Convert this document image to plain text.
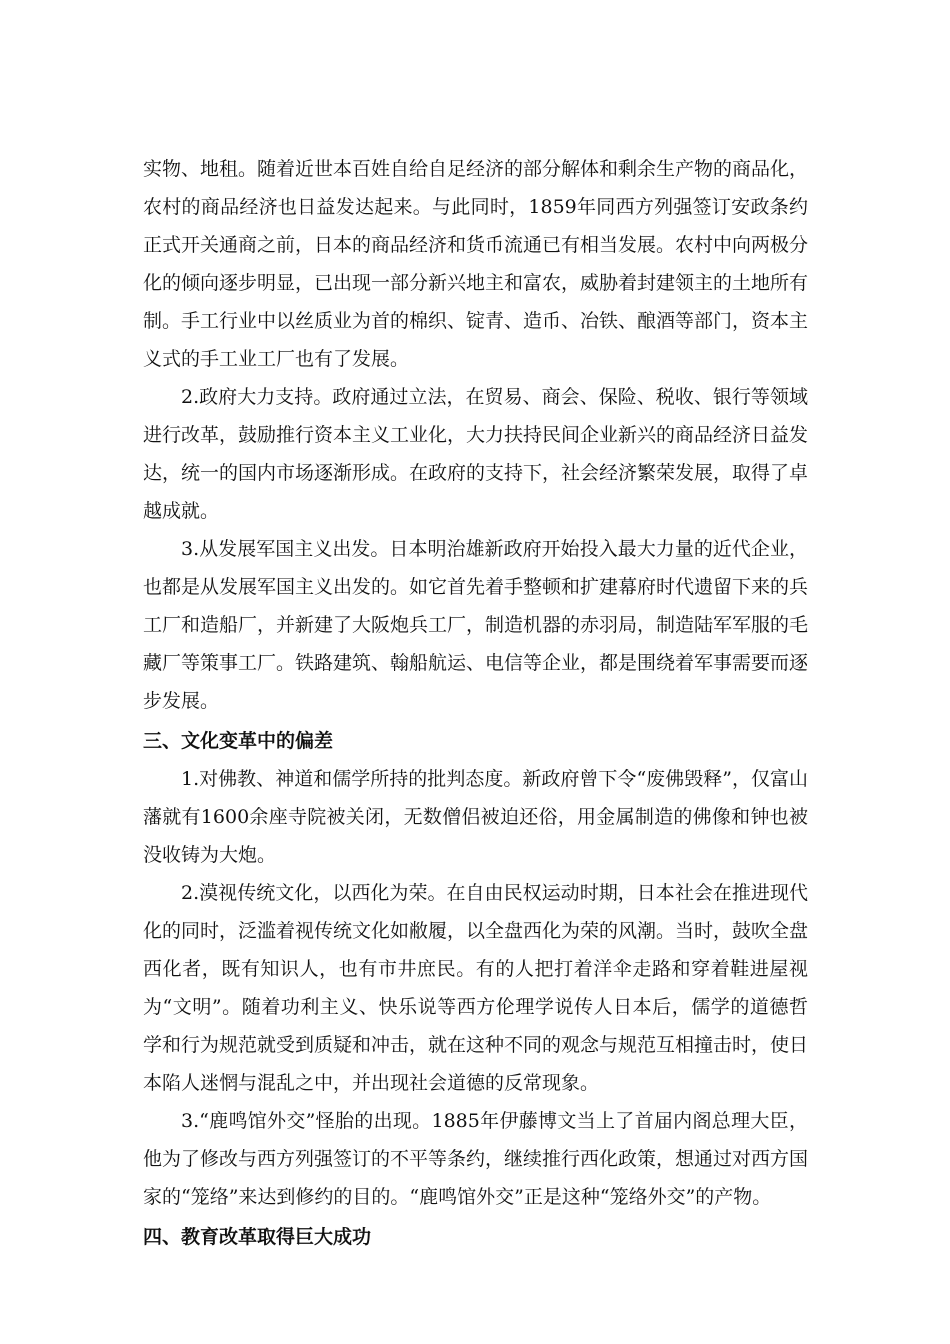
实物、地租。随着近世本百姓自给自足经济的部分解体和剩余生产物的商品化，农村的商品经济也日益发达起来。与此同时，1859年同西方列强签订安政条约正式开关通商之前，日本的商品经济和货币流通已有相当发展。农村中向两极分化的倾向逐步明显，已出现一部分新兴地主和富农，威胁着封建领主的土地所有制。手工行业中以丝质业为首的棉织、锭青、造币、冶铁、酿酒等部门，资本主义式的手工业工厂也有了发展。

2.政府大力支持。政府通过立法，在贸易、商会、保险、税收、银行等领域进行改革，鼓励推行资本主义工业化，大力扶持民间企业新兴的商品经济日益发达，统一的国内市场逐渐形成。在政府的支持下，社会经济繁荣发展，取得了卓越成就。

3.从发展军国主义出发。日本明治雄新政府开始投入最大力量的近代企业，也都是从发展军国主义出发的。如它首先着手整顿和扩建幕府时代遗留下来的兵工厂和造船厂，并新建了大阪炮兵工厂，制造机器的赤羽局，制造陆军军服的毛藏厂等策事工厂。铁路建筑、翰船航运、电信等企业，都是围绕着军事需要而逐步发展。

三、文化变革中的偏差

1.对佛教、神道和儒学所持的批判态度。新政府曾下令“废佛毁释”，仅富山藩就有1600余座寺院被关闭，无数僧侣被迫还俗，用金属制造的佛像和钟也被没收铸为大炮。

2.漠视传统文化，以西化为荣。在自由民权运动时期，日本社会在推进现代化的同时，泛滥着视传统文化如敝履，以全盘西化为荣的风潮。当时，鼓吹全盘西化者，既有知识人，也有市井庶民。有的人把打着洋伞走路和穿着鞋进屋视为“文明”。随着功利主义、快乐说等西方伦理学说传人日本后，儒学的道德哲学和行为规范就受到质疑和冲击，就在这种不同的观念与规范互相撞击时，使日本陷人迷惘与混乱之中，并出现社会道德的反常现象。

3.“鹿鸣馆外交”怪胎的出现。1885年伊藤博文当上了首届内阁总理大臣，他为了修改与西方列强签订的不平等条约，继续推行西化政策，想通过对西方国家的“笼络”来达到修约的目的。“鹿鸣馆外交”正是这种“笼络外交”的产物。

四、教育改革取得巨大成功
